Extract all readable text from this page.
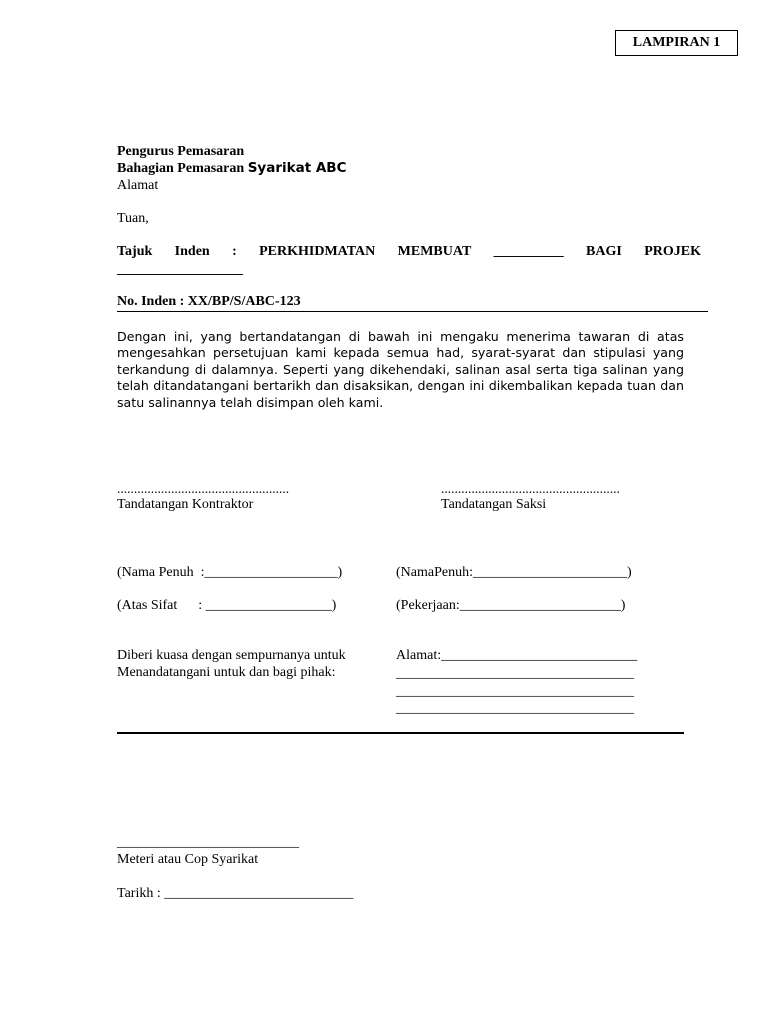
LAMPIRAN 1
Pengurus Pemasaran
Bahagian Pemasaran Syarikat ABC
Alamat
Tuan,
Tajuk Inden : PERKHIDMATAN MEMBUAT __________ BAGI PROJEK
__________________
No. Inden : XX/BP/S/ABC-123
Dengan ini, yang bertandatangan di bawah ini mengaku menerima tawaran di atas mengesahkan persetujuan kami kepada semua had, syarat-syarat dan stipulasi yang terkandung di dalamnya. Seperti yang dikehendaki, salinan asal serta tiga salinan yang telah ditandatangani bertarikh dan disaksikan, dengan ini dikembalikan kepada tuan dan satu salinannya telah disimpan oleh kami.
...................................................
Tandatangan Kontraktor
.....................................................
Tandatangan Saksi
(Nama Penuh  :___________________)	(NamaPenuh:______________________)
(Atas Sifat      : __________________)	(Pekerjaan:_______________________)
Diberi kuasa dengan sempurnanya untuk
Menandatangani untuk dan bagi pihak:
Alamat:____________________________
__________________________________
__________________________________
__________________________________
__________________________
Meteri atau Cop Syarikat
Tarikh : ___________________________
